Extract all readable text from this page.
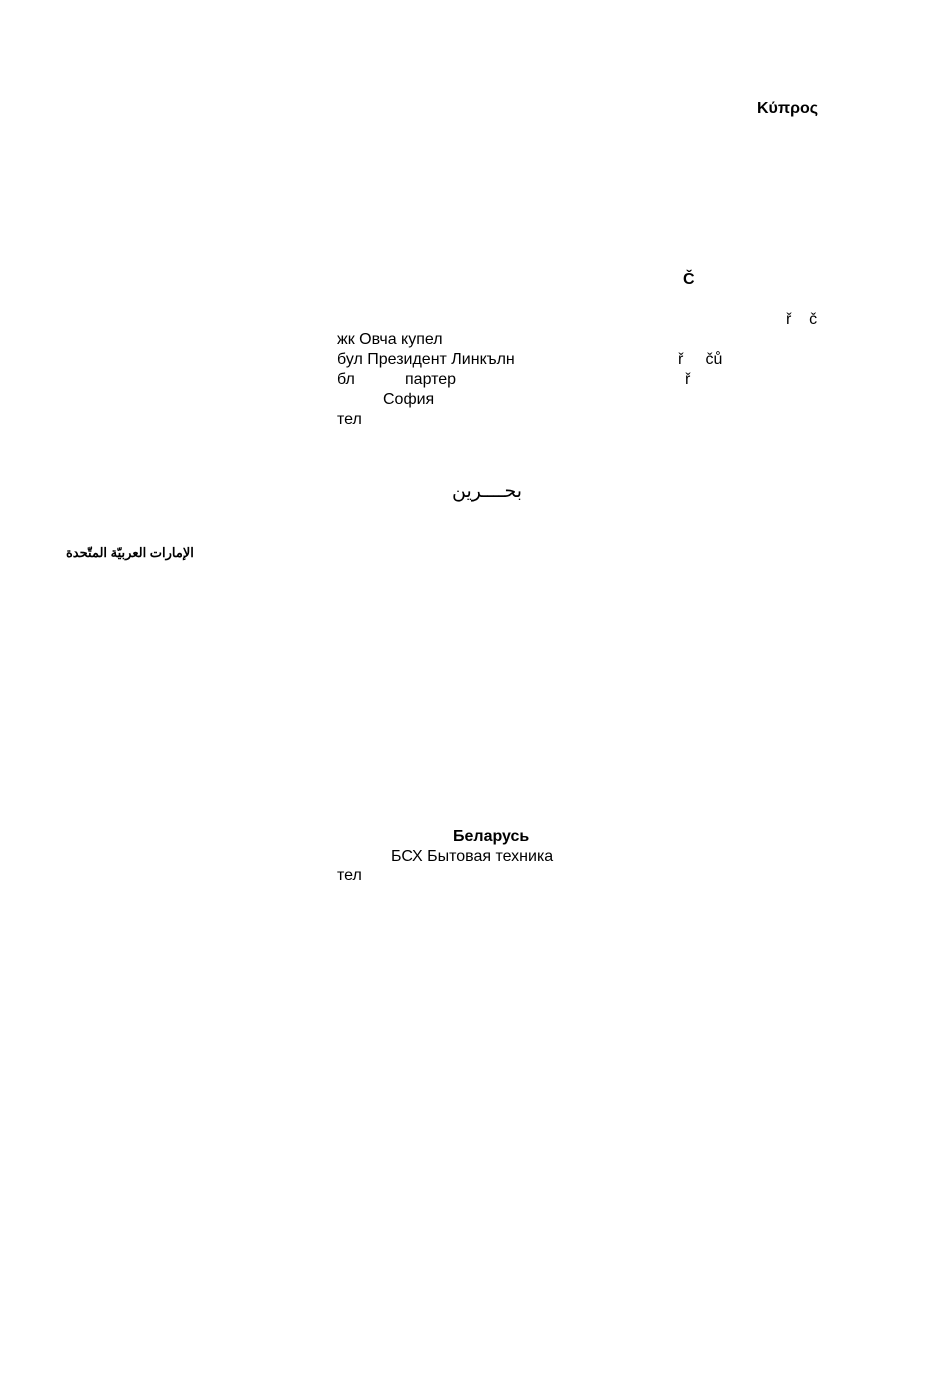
Κύπρος
Č
ř    č
ř     čů
ř
жк Овча купел
бул Президент Линкълн
бл	партер
София
тел
بحــــرين
الإمارات العربيّة المتّحدة
Беларусь
БСХ Бытовая техника
тел
